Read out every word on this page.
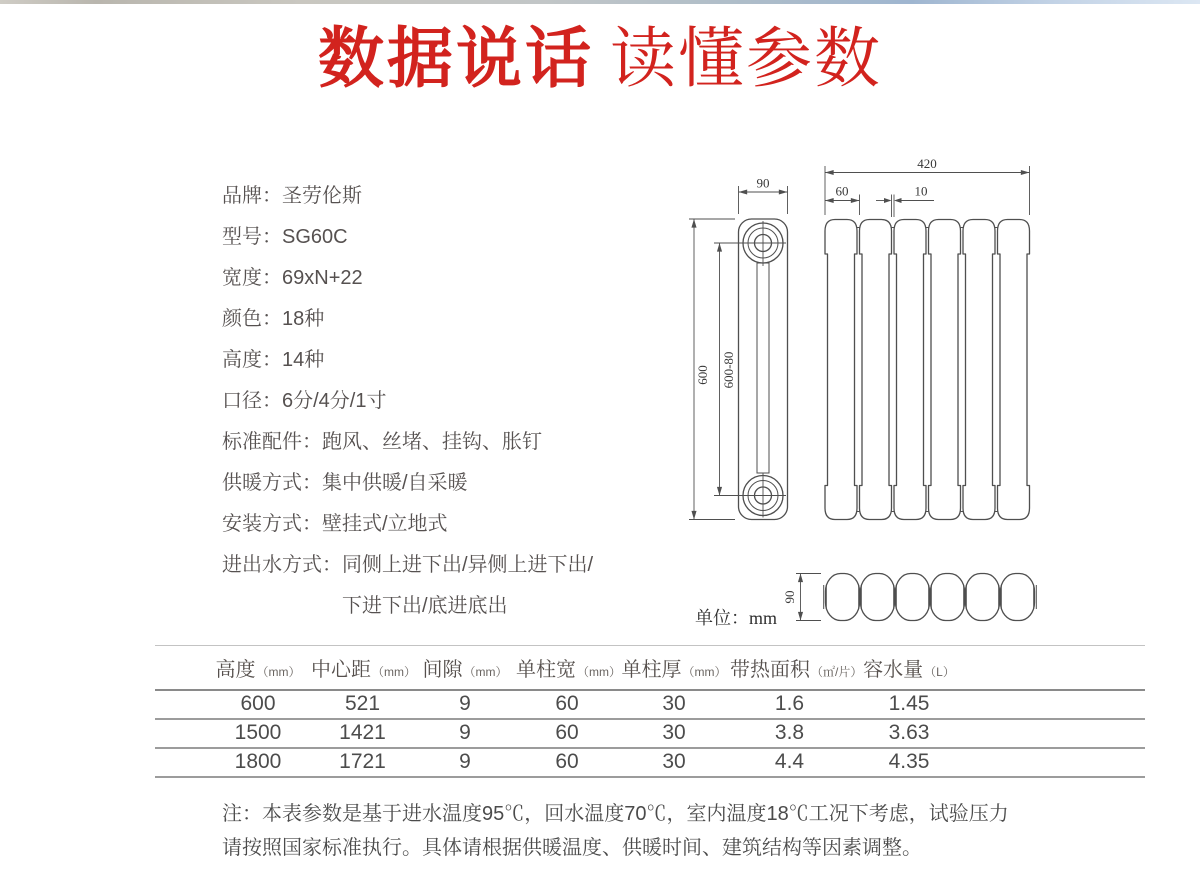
数据说话 读懂参数
品牌： 圣劳伦斯
型号： SG60C
宽度： 69xN+22
颜色： 18种
高度： 14种
口径： 6分/4分/1寸
标准配件： 跑风、丝堵、挂钩、胀钉
供暖方式： 集中供暖/自采暖
安装方式： 壁挂式/立地式
进出水方式： 同侧上进下出/异侧上进下出/下进下出/底进底出
90
600 600-80
420
60	10
90
单位：mm
高度（mm）	中心距（mm）	间隙（mm）	单柱宽（mm）	单柱厚（mm）	带热面积（㎡/片）	容水量（L）	
600	521	9	60	30	1.6	1.45	
1500	1421	9	60	30	3.8	3.63	
1800	1721	9	60	30	4.4	4.35	
注：本表参数是基于进水温度95℃，回水温度70℃，室内温度18℃工况下考虑，试验压力
请按照国家标准执行。具体请根据供暖温度、供暖时间、建筑结构等因素调整。
